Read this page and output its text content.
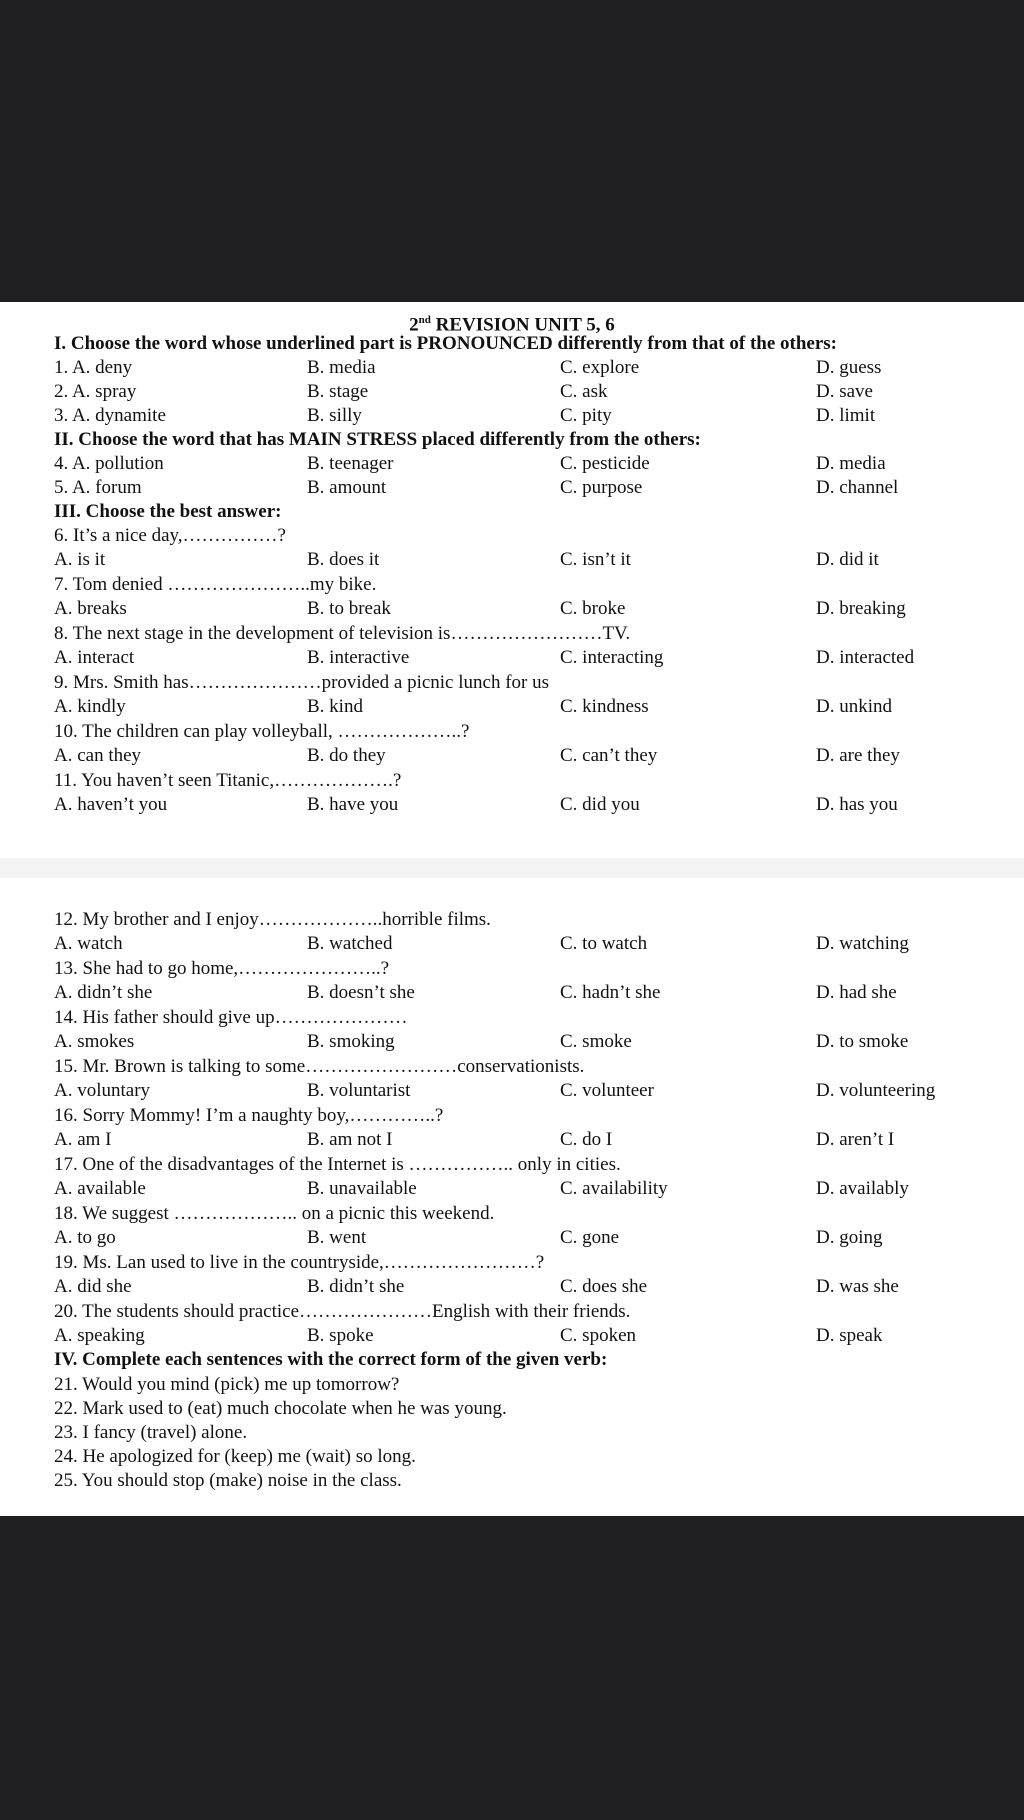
2nd REVISION UNIT 5, 6
I. Choose the word whose underlined part is PRONOUNCED differently from that of the others:
1. A. deny	B. media	C. explore	D. guess
2. A. spray	B. stage	C. ask	D. save
3. A. dynamite	B. silly	C. pity	D. limit
II. Choose the word that has MAIN STRESS placed differently from the others:
4. A. pollution	B. teenager	C. pesticide	D. media
5. A. forum	B. amount	C. purpose	D. channel
III. Choose the best answer:
6. It’s a nice day,……………?
A. is it	B. does it	C. isn’t it	D. did it
7. Tom denied …………………..my bike.
A. breaks	B. to break	C. broke	D. breaking
8. The next stage in the development of television is……………………TV.
A. interact	B. interactive	C. interacting	D. interacted
9. Mrs. Smith has…………………provided a picnic lunch for us
A. kindly	B. kind	C. kindness	D. unkind
10. The children can play volleyball, ………………..?
A. can they	B. do they	C. can’t they	D. are they
11. You haven’t seen Titanic,……………….?
A. haven’t you	B. have you	C. did you	D. has you
12. My brother and I enjoy………………..horrible films.
A. watch	B. watched	C. to watch	D. watching
13. She had to go home,…………………..?
A. didn’t she	B. doesn’t she	C. hadn’t she	D. had she
14. His father should give up…………………
A. smokes	B. smoking	C. smoke	D. to smoke
15. Mr. Brown is talking to some……………………conservationists.
A. voluntary	B. voluntarist	C. volunteer	D. volunteering
16. Sorry Mommy! I’m a naughty boy,…………..?
A. am I	B. am not I	C. do I	D. aren’t I
17. One of the disadvantages of the Internet is …………….. only in cities.
A. available	B. unavailable	C. availability	D. availably
18. We suggest ……………….. on a picnic this weekend.
A. to go	B. went	C. gone	D. going
19. Ms. Lan used to live in the countryside,……………………?
A. did she	B. didn’t she	C. does she	D. was she
20. The students should practice…………………English with their friends.
A. speaking	B. spoke	C. spoken	D. speak
IV. Complete each sentences with the correct form of the given verb:
21. Would you mind (pick) me up tomorrow?
22. Mark used to (eat) much chocolate when he was young.
23. I fancy (travel) alone.
24. He apologized for (keep) me (wait) so long.
25. You should stop (make) noise in the class.
